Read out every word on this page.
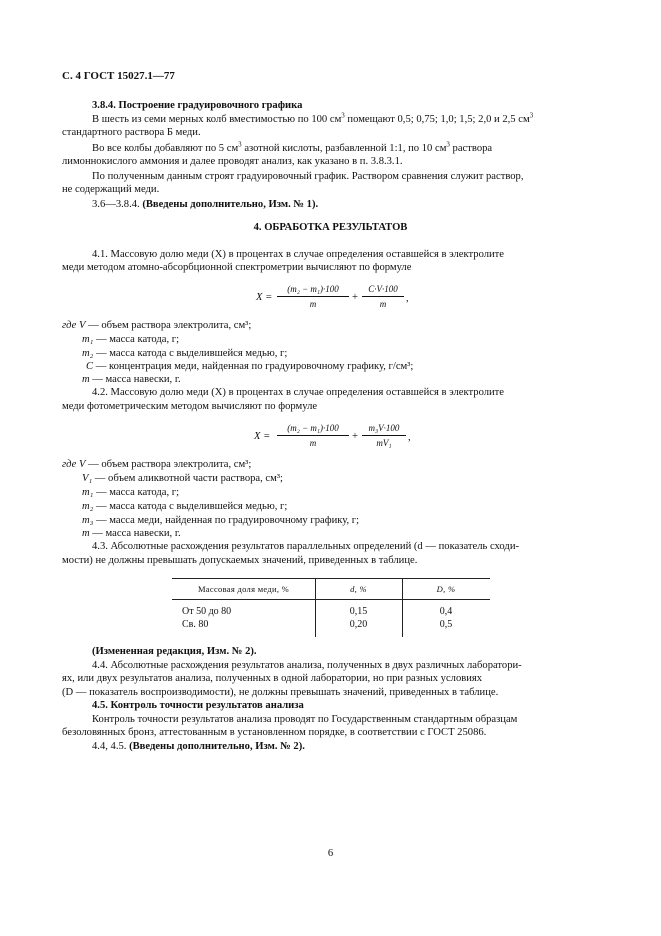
С. 4 ГОСТ 15027.1—77
3.8.4. Построение градуировочного графика
В шесть из семи мерных колб вместимостью по 100 $см^3$ помещают 0,5; 0,75; 1,0; 1,5; 2,0 и 2,5 $см^3$
стандартного раствора Б меди.
Во все колбы добавляют по 5 $см^3$ азотной кислоты, разбавленной 1:1, по 10 $см^3$ раствора
лимоннокислого аммония и далее проводят анализ, как указано в п. 3.8.3.1.
По полученным данным строят градуировочный график. Раствором сравнения служит раствор,
не содержащий меди.
3.6—3.8.4. (Введены дополнительно, Изм. № 1).
4. ОБРАБОТКА РЕЗУЛЬТАТОВ
4.1. Массовую долю меди (X) в процентах в случае определения оставшейся в электролите
меди методом атомно-абсорбционной спектрометрии вычисляют по формуле
X =
(m₂ − m₁)·100
m
+
C·V·100
m	,
где V — объем раствора электролита, см³;
m₁ — масса катода, г;
m₂ — масса катода с выделившейся медью, г;
C — концентрация меди, найденная по градуировочному графику, г/см³;
m — масса навески, г.
4.2. Массовую долю меди (X) в процентах в случае определения оставшейся в электролите
меди фотометрическим методом вычисляют по формуле
X =
(m₂ − m₁)·100
m
+
m₃V·100
mV₁	,
где V — объем раствора электролита, см³;
V₁ — объем аликвотной части раствора, см³;
m₁ — масса катода, г;
m₂ — масса катода с выделившейся медью, г;
m₃ — масса меди, найденная по градуировочному графику, г;
m — масса навески, г.
4.3. Абсолютные расхождения результатов параллельных определений (d — показатель сходи-
мости) не должны превышать допускаемых значений, приведенных в таблице.
Массовая доля меди, %	d, %	D, %
От 50 до 80	0,15	0,4
Св. 80	0,20	0,5
(Измененная редакция, Изм. № 2).
4.4. Абсолютные расхождения результатов анализа, полученных в двух различных лаборатори-
ях, или двух результатов анализа, полученных в одной лаборатории, но при разных условиях
(D — показатель воспроизводимости), не должны превышать значений, приведенных в таблице.
4.5. Контроль точности результатов анализа
Контроль точности результатов анализа проводят по Государственным стандартным образцам
безоловянных бронз, аттестованным в установленном порядке, в соответствии с ГОСТ 25086.
4.4, 4.5. (Введены дополнительно, Изм. № 2).
6
